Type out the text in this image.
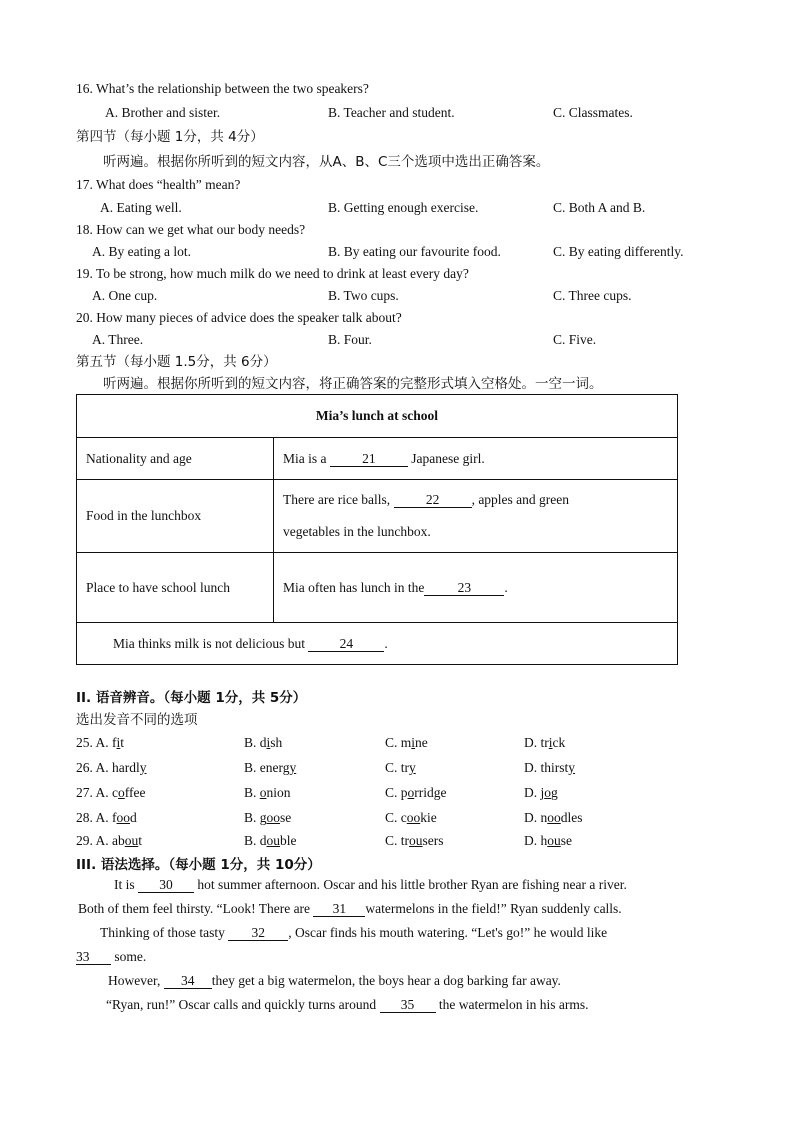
16. What’s the relationship between the two speakers?
A. Brother and sister.	B. Teacher and student.	C. Classmates.
第四节（每小题 1分，共 4分）
听两遍。根据你所听到的短文内容，从A、B、C三个选项中选出正确答案。
17. What does “health” mean?
A. Eating well.	B. Getting enough exercise.	C. Both A and B.
18. How can we get what our body needs?
A. By eating a lot.	B. By eating our favourite food.	C. By eating differently.
19. To be strong, how much milk do we need to drink at least every day?
A. One cup.	B. Two cups.	C. Three cups.
20. How many pieces of advice does the speaker talk about?
A. Three.	B. Four.	C. Five.
第五节（每小题 1.5分，共 6分）
听两遍。根据你所听到的短文内容，将正确答案的完整形式填入空格处。一空一词。
Mia’s lunch at school	
Nationality and age	Mia is a 21 Japanese girl.
Food in the lunchbox	There are rice balls, 22 , apples and green
vegetables in the lunchbox.
Place to have school lunch	Mia often has lunch in the 23 .
Mia thinks milk is not delicious but 24 .	
II. 语音辨音。（每小题 1分，共 5分）
选出发音不同的选项
25. A. fit	B. dish	C. mine	D. trick
26. A. hardly	B. energy	C. try	D. thirsty
27. A. coffee	B. onion	C. porridge	D. jog
28. A. food	B. goose	C. cookie	D. noodles
29. A. about	B. double	C. trousers	D. house
III. 语法选择。（每小题 1分，共 10分）
It is 30 hot summer afternoon. Oscar and his little brother Ryan are fishing near a river.
Both of them feel thirsty. “Look! There are 31 watermelons in the field!” Ryan suddenly calls.
Thinking of those tasty 32 , Oscar finds his mouth watering. “Let's go!” he would like
33 some.
However, 34 they get a big watermelon, the boys hear a dog barking far away.
“Ryan, run!” Oscar calls and quickly turns around 35 the watermelon in his arms.
